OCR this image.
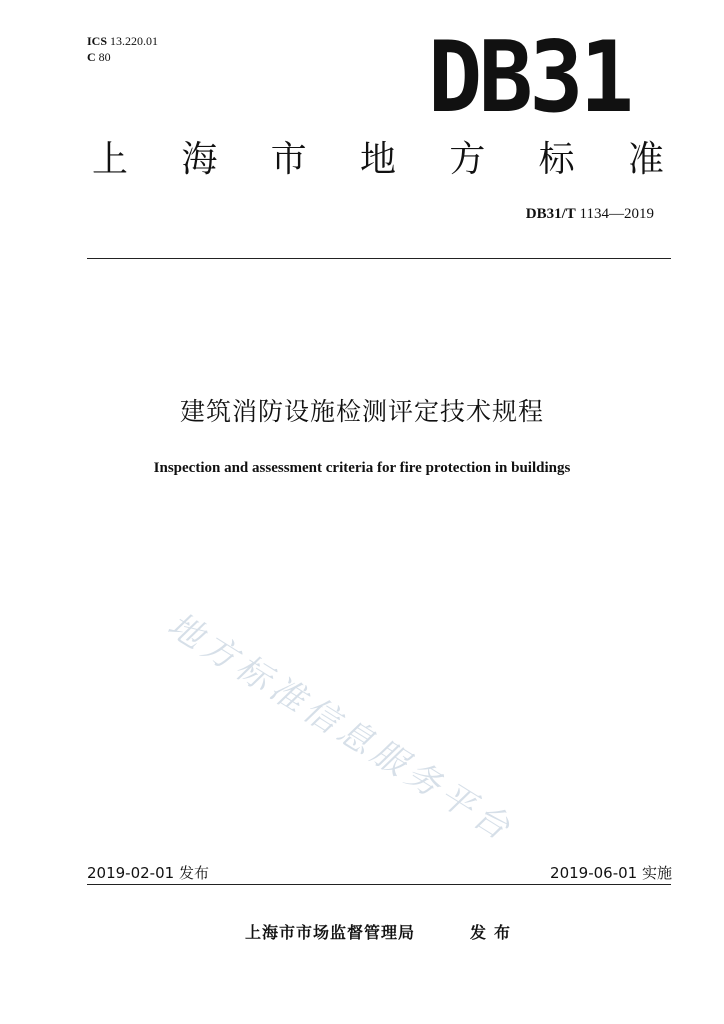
ICS 13.220.01
C 80	DB31
上 海 市 地 方 标 准
DB31/T 1134—2019
建筑消防设施检测评定技术规程
Inspection and assessment criteria for fire protection in buildings
地方标准信息服务平台
2019-02-01 发布	2019-06-01 实施
上海市市场监督管理局	发布
